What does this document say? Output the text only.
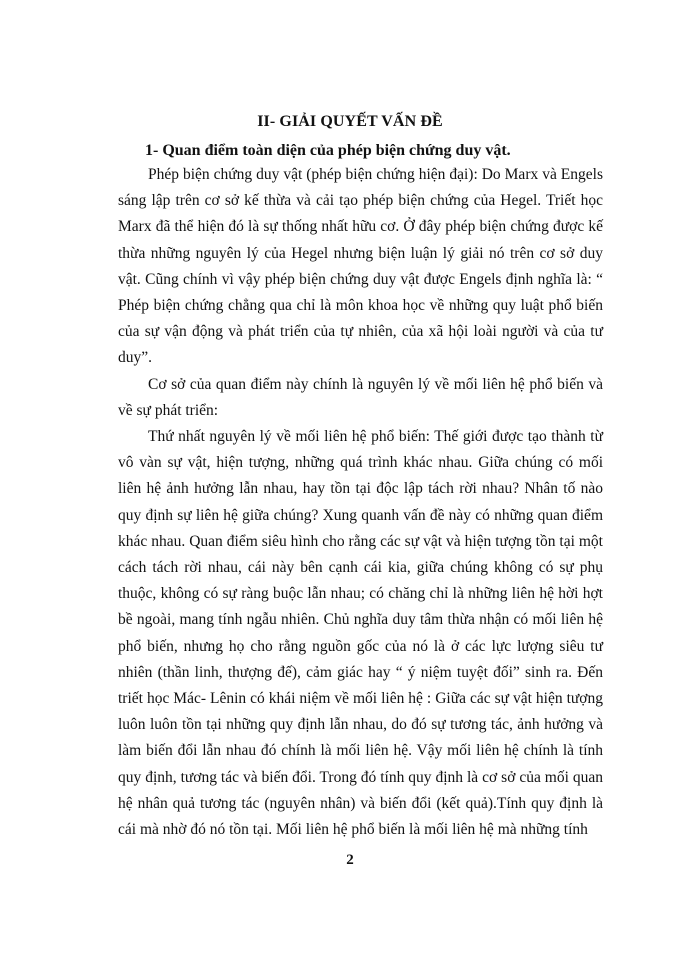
II- GIẢI QUYẾT VẤN ĐỀ
1- Quan điểm toàn diện của phép biện chứng duy vật.

Phép biện chứng duy vật (phép biện chứng hiện đại): Do Marx và Engels sáng lập trên cơ sở kế thừa và cải tạo phép biện chứng của Hegel. Triết học Marx đã thể hiện đó là sự thống nhất hữu cơ. Ở đây phép biện chứng được kế thừa những nguyên lý của Hegel nhưng biện luận lý giải nó trên cơ sở duy vật. Cũng chính vì vậy phép biện chứng duy vật được Engels định nghĩa là: “ Phép biện chứng chẳng qua chỉ là môn khoa học về những quy luật phổ biến của sự vận động và phát triển của tự nhiên, của xã hội loài người và của tư duy”.

Cơ sở của quan điểm này chính là nguyên lý về mối liên hệ phổ biến và về sự phát triển:

Thứ nhất nguyên lý về mối liên hệ phổ biến: Thế giới được tạo thành từ vô vàn sự vật, hiện tượng, những quá trình khác nhau. Giữa chúng có mối liên hệ ảnh hưởng lẫn nhau, hay tồn tại độc lập tách rời nhau? Nhân tố nào quy định sự liên hệ giữa chúng? Xung quanh vấn đề này có những quan điểm khác nhau. Quan điểm siêu hình cho rằng các sự vật và hiện tượng tồn tại một cách tách rời nhau, cái này bên cạnh cái kia, giữa chúng không có sự phụ thuộc, không có sự ràng buộc lẫn nhau; có chăng chỉ là những liên hệ hời hợt bề ngoài, mang tính ngẫu nhiên. Chủ nghĩa duy tâm thừa nhận có mối liên hệ phổ biến, nhưng họ cho rằng nguồn gốc của nó là ở các lực lượng siêu tư nhiên (thần linh, thượng đế), cảm giác hay “ ý niệm tuyệt đối” sinh ra. Đến triết học Mác- Lênin có khái niệm về mối liên hệ : Giữa các sự vật hiện tượng luôn luôn tồn tại những quy định lẫn nhau, do đó sự tương tác, ảnh hưởng và làm biến đổi lẫn nhau đó chính là mối liên hệ. Vậy mối liên hệ chính là tính quy định, tương tác và biến đổi. Trong đó tính quy định là cơ sở của mối quan hệ nhân quả tương tác (nguyên nhân) và biến đổi (kết quả).Tính quy định là cái mà nhờ đó nó tồn tại. Mối liên hệ phổ biến là mối liên hệ mà những tính

2
